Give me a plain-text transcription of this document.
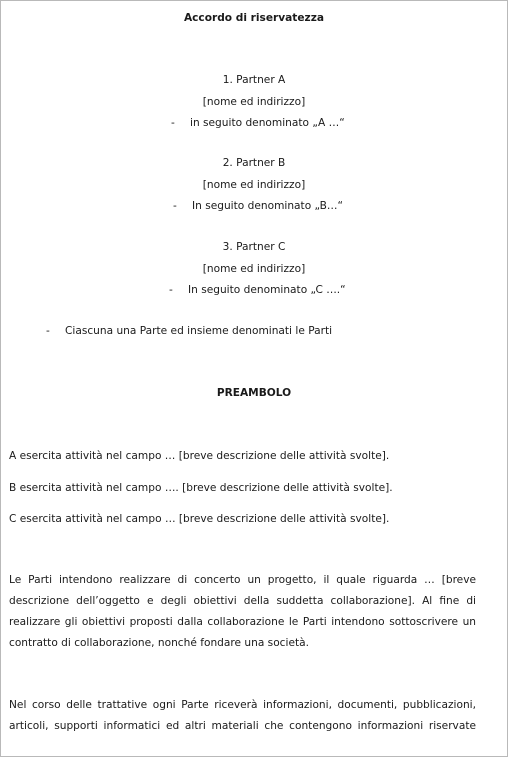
Accordo di riservatezza
1. Partner A
[nome ed indirizzo]
- in seguito denominato „A …“
2. Partner B
[nome ed indirizzo]
- In seguito denominato „B…“
3. Partner C
[nome ed indirizzo]
- In seguito denominato „C ….“
- Ciascuna una Parte ed insieme denominati le Parti
PREAMBOLO
A esercita attività nel campo … [breve descrizione delle attività svolte].
B esercita attività nel campo …. [breve descrizione delle attività svolte].
C esercita attività nel campo … [breve descrizione delle attività svolte].
Le Parti intendono realizzare di concerto un progetto, il quale riguarda … [breve
descrizione dell’oggetto e degli obiettivi della suddetta collaborazione]. Al fine di
realizzare gli obiettivi proposti dalla collaborazione le Parti intendono sottoscrivere un
contratto di collaborazione, nonché fondare una società.
Nel corso delle trattative ogni Parte riceverà informazioni, documenti, pubblicazioni,
articoli, supporti informatici ed altri materiali che contengono informazioni riservate
